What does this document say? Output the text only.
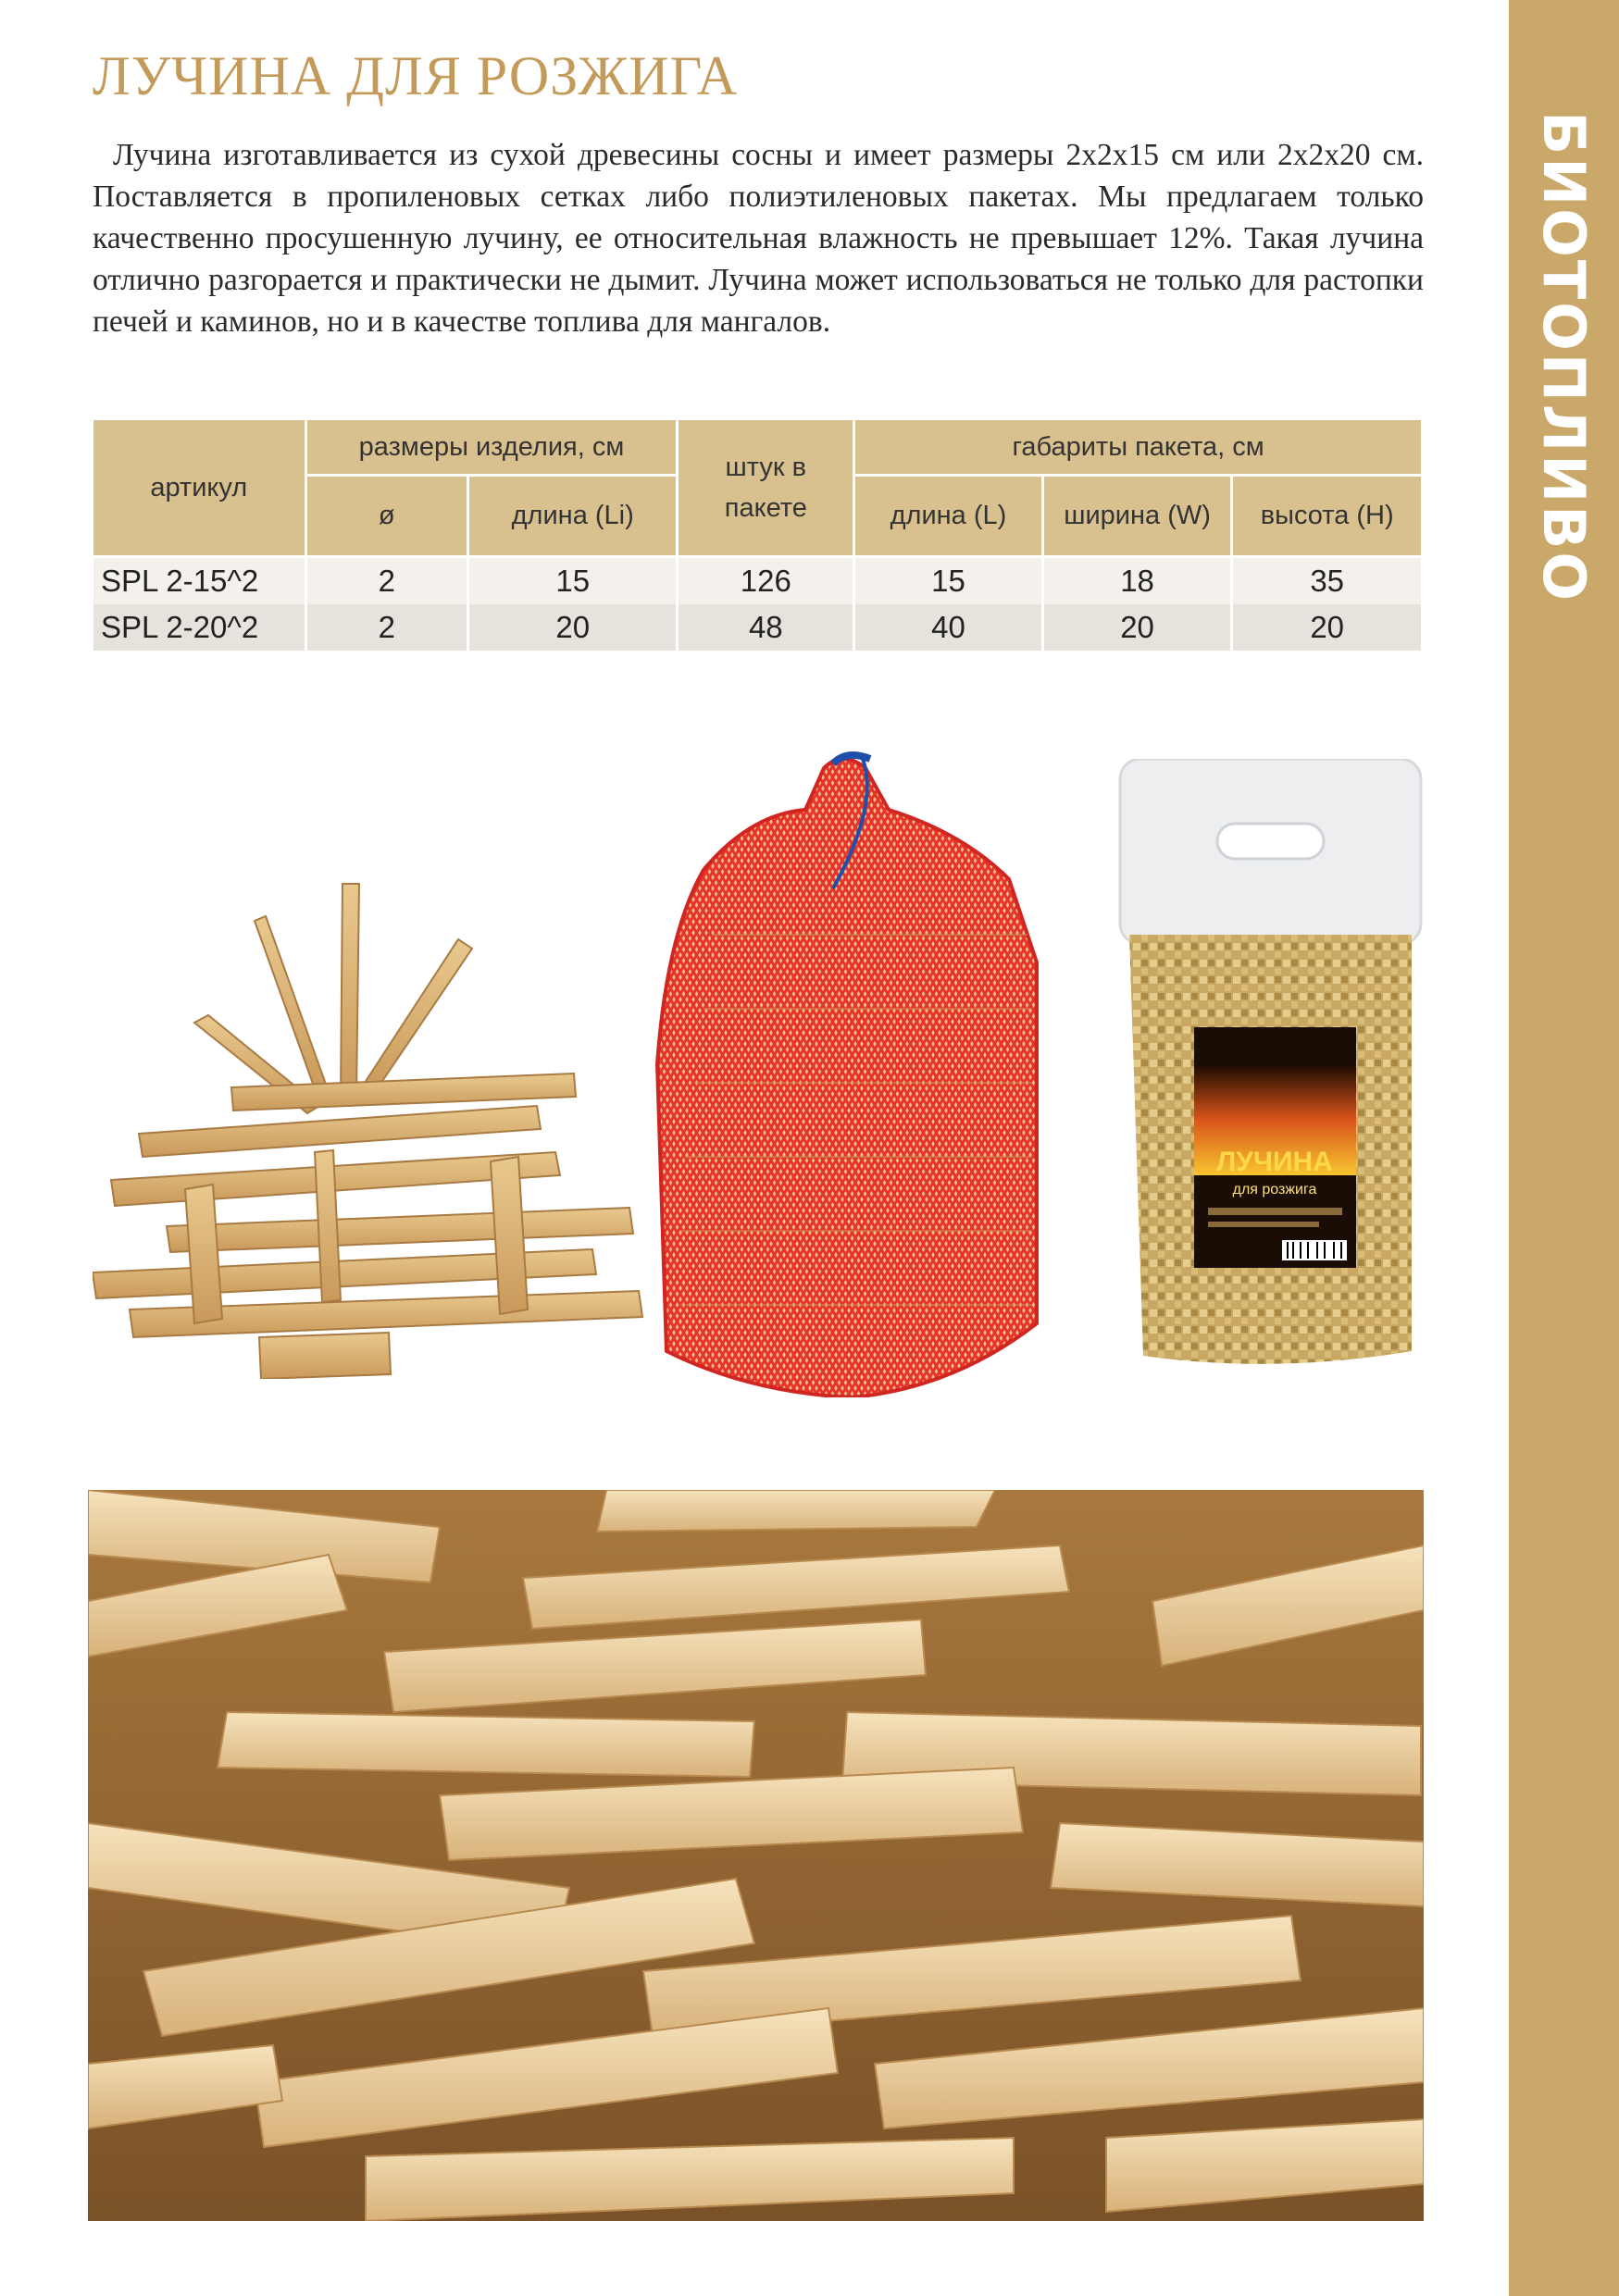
БИОТОПЛИВО
ЛУЧИНА ДЛЯ РОЗЖИГА

Лучина изготавливается из сухой древесины сосны и имеет размеры 2х2х15 см или 2х2х20 см. Поставляется в пропиленовых сетках либо полиэтиленовых пакетах. Мы предлагаем только качественно просушенную лучину, ее относительная влажность не превышает 12%. Такая лучина отлично разгорается и практически не дымит. Лучина может использоваться не только для растопки печей и каминов, но и в качестве топлива для мангалов.

артикул	размеры изделия, см		штук в пакете	габариты пакета, см		
	ø	длина (Li)		длина (L)	ширина (W)	высота (H)
SPL 2-15^2	2	15	126	15	18	35
SPL 2-20^2	2	20	48	40	20	20
ЛУЧИНА
для розжига
